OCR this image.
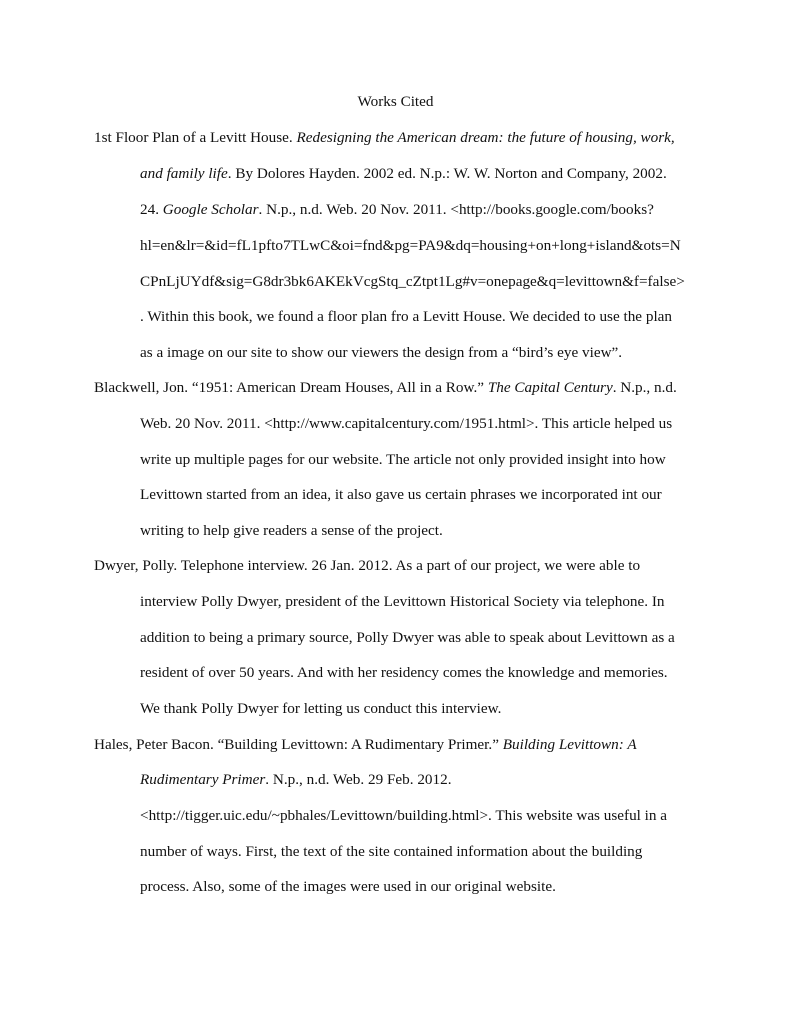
Works Cited
1st Floor Plan of a Levitt House. Redesigning the American dream: the future of housing, work,
and family life. By Dolores Hayden. 2002 ed. N.p.: W. W. Norton and Company, 2002.
24. Google Scholar. N.p., n.d. Web. 20 Nov. 2011. <http://books.google.com/books?
hl=en&lr=&id=fL1pfto7TLwC&oi=fnd&pg=PA9&dq=housing+on+long+island&ots=N
CPnLjUYdf&sig=G8dr3bk6AKEkVcgStq_cZtpt1Lg#v=onepage&q=levittown&f=false>
. Within this book, we found a floor plan fro a Levitt House. We decided to use the plan
as a image on our site to show our viewers the design from a “bird’s eye view”.
Blackwell, Jon. “1951: American Dream Houses, All in a Row.” The Capital Century. N.p., n.d.
Web. 20 Nov. 2011. <http://www.capitalcentury.com/1951.html>. This article helped us
write up multiple pages for our website. The article not only provided insight into how
Levittown started from an idea, it also gave us certain phrases we incorporated int our
writing to help give readers a sense of the project.
Dwyer, Polly. Telephone interview. 26 Jan. 2012. As a part of our project, we were able to
interview Polly Dwyer, president of the Levittown Historical Society via telephone. In
addition to being a primary source, Polly Dwyer was able to speak about Levittown as a
resident of over 50 years. And with her residency comes the knowledge and memories.
We thank Polly Dwyer for letting us conduct this interview.
Hales, Peter Bacon. “Building Levittown: A Rudimentary Primer.” Building Levittown: A
Rudimentary Primer. N.p., n.d. Web. 29 Feb. 2012.
<http://tigger.uic.edu/~pbhales/Levittown/building.html>. This website was useful in a
number of ways. First, the text of the site contained information about the building
process. Also, some of the images were used in our original website.
